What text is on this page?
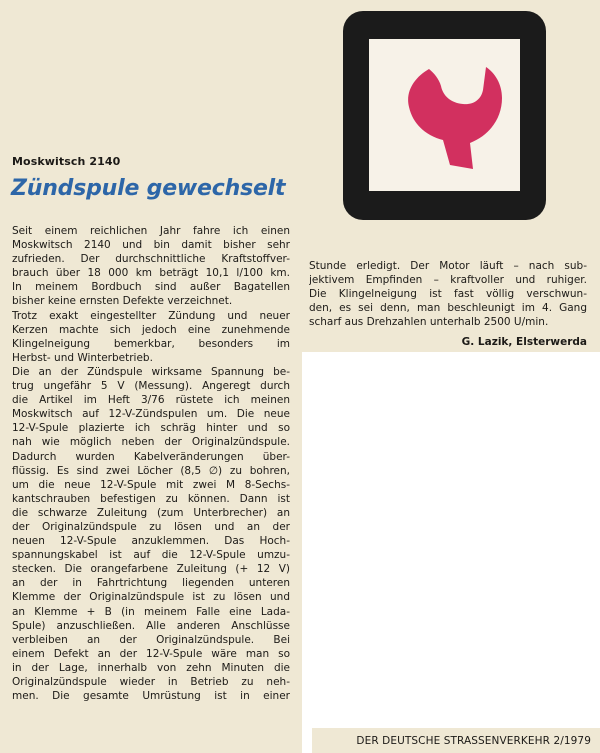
Moskwitsch 2140
Zündspule gewechselt
Seit einem reichlichen Jahr fahre ich einen
Moskwitsch 2140 und bin damit bisher sehr
zufrieden. Der durchschnittliche Kraftstoffver-
brauch über 18 000 km beträgt 10,1 l/100 km.
In meinem Bordbuch sind außer Bagatellen
bisher keine ernsten Defekte verzeichnet.
Trotz exakt eingestellter Zündung und neuer
Kerzen machte sich jedoch eine zunehmende
Klingelneigung bemerkbar, besonders im
Herbst- und Winterbetrieb.
Die an der Zündspule wirksame Spannung be-
trug ungefähr 5 V (Messung). Angeregt durch
die Artikel im Heft 3/76 rüstete ich meinen
Moskwitsch auf 12-V-Zündspulen um. Die neue
12-V-Spule plazierte ich schräg hinter und so
nah wie möglich neben der Originalzündspule.
Dadurch wurden Kabelveränderungen über-
flüssig. Es sind zwei Löcher (8,5 ∅) zu bohren,
um die neue 12-V-Spule mit zwei M 8-Sechs-
kantschrauben befestigen zu können. Dann ist
die schwarze Zuleitung (zum Unterbrecher) an
der Originalzündspule zu lösen und an der
neuen 12-V-Spule anzuklemmen. Das Hoch-
spannungskabel ist auf die 12-V-Spule umzu-
stecken. Die orangefarbene Zuleitung (+ 12 V)
an der in Fahrtrichtung liegenden unteren
Klemme der Originalzündspule ist zu lösen und
an Klemme + B (in meinem Falle eine Lada-
Spule) anzuschließen. Alle anderen Anschlüsse
verbleiben an der Originalzündspule. Bei
einem Defekt an der 12-V-Spule wäre man so
in der Lage, innerhalb von zehn Minuten die
Originalzündspule wieder in Betrieb zu neh-
men. Die gesamte Umrüstung ist in einer
Stunde erledigt. Der Motor läuft – nach sub-
jektivem Empfinden – kraftvoller und ruhiger.
Die Klingelneigung ist fast völlig verschwun-
den, es sei denn, man beschleunigt im 4. Gang
scharf aus Drehzahlen unterhalb 2500 U/min.
G. Lazik, Elsterwerda
DER DEUTSCHE STRASSENVERKEHR 2/1979
